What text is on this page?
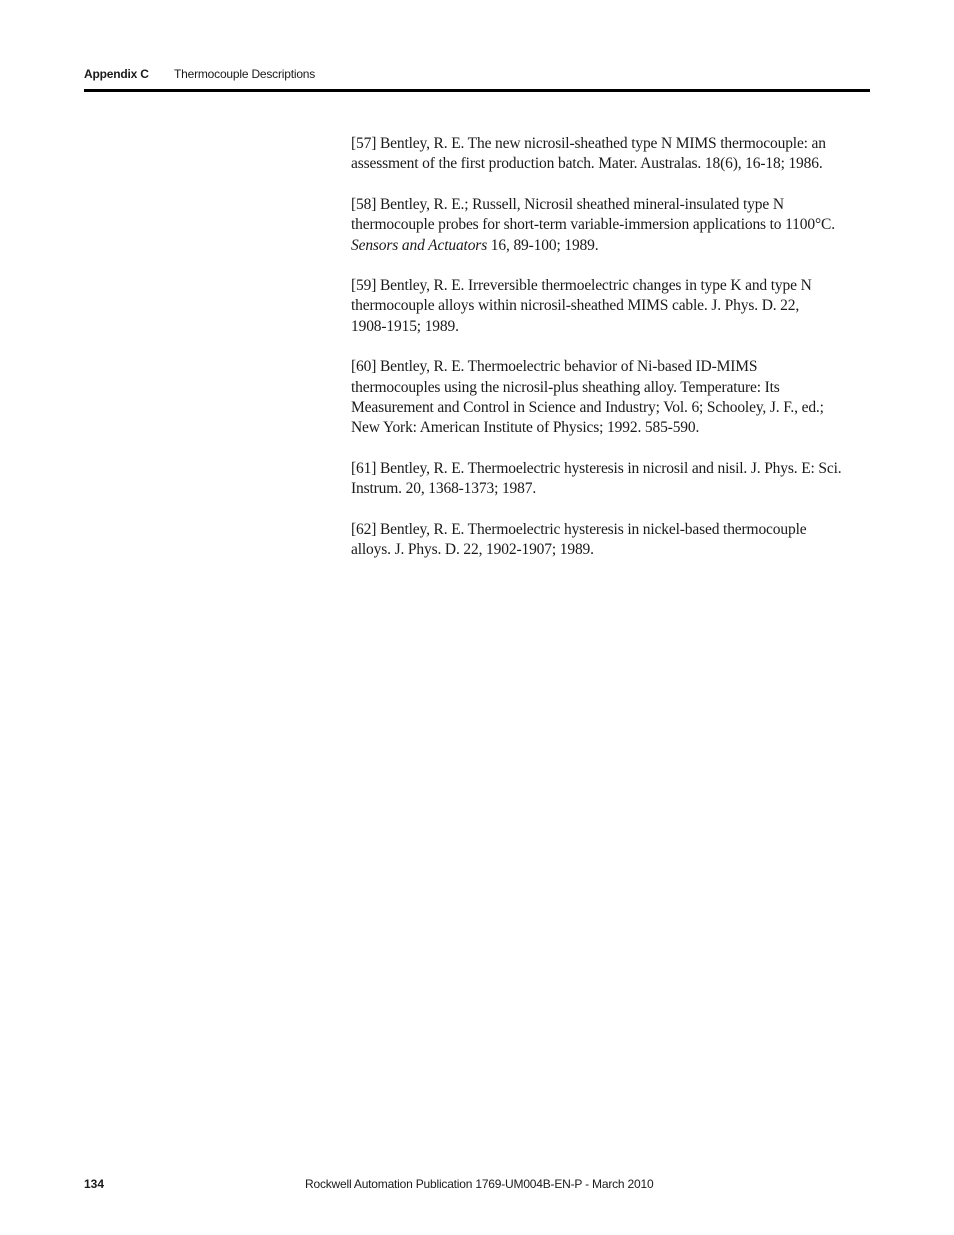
Appendix C Thermocouple Descriptions
[57] Bentley, R. E. The new nicrosil-sheathed type N MIMS thermocouple: an
assessment of the first production batch. Mater. Australas. 18(6), 16-18; 1986.
[58] Bentley, R. E.; Russell, Nicrosil sheathed mineral-insulated type N
thermocouple probes for short-term variable-immersion applications to 1100°C.
Sensors and Actuators 16, 89-100; 1989.
[59] Bentley, R. E. Irreversible thermoelectric changes in type K and type N
thermocouple alloys within nicrosil-sheathed MIMS cable. J. Phys. D. 22,
1908-1915; 1989.
[60] Bentley, R. E. Thermoelectric behavior of Ni-based ID-MIMS
thermocouples using the nicrosil-plus sheathing alloy. Temperature: Its
Measurement and Control in Science and Industry; Vol. 6; Schooley, J. F., ed.;
New York: American Institute of Physics; 1992. 585-590.
[61] Bentley, R. E. Thermoelectric hysteresis in nicrosil and nisil. J. Phys. E: Sci.
Instrum. 20, 1368-1373; 1987.
[62] Bentley, R. E. Thermoelectric hysteresis in nickel-based thermocouple
alloys. J. Phys. D. 22, 1902-1907; 1989.
134	Rockwell Automation Publication 1769-UM004B-EN-P - March 2010
